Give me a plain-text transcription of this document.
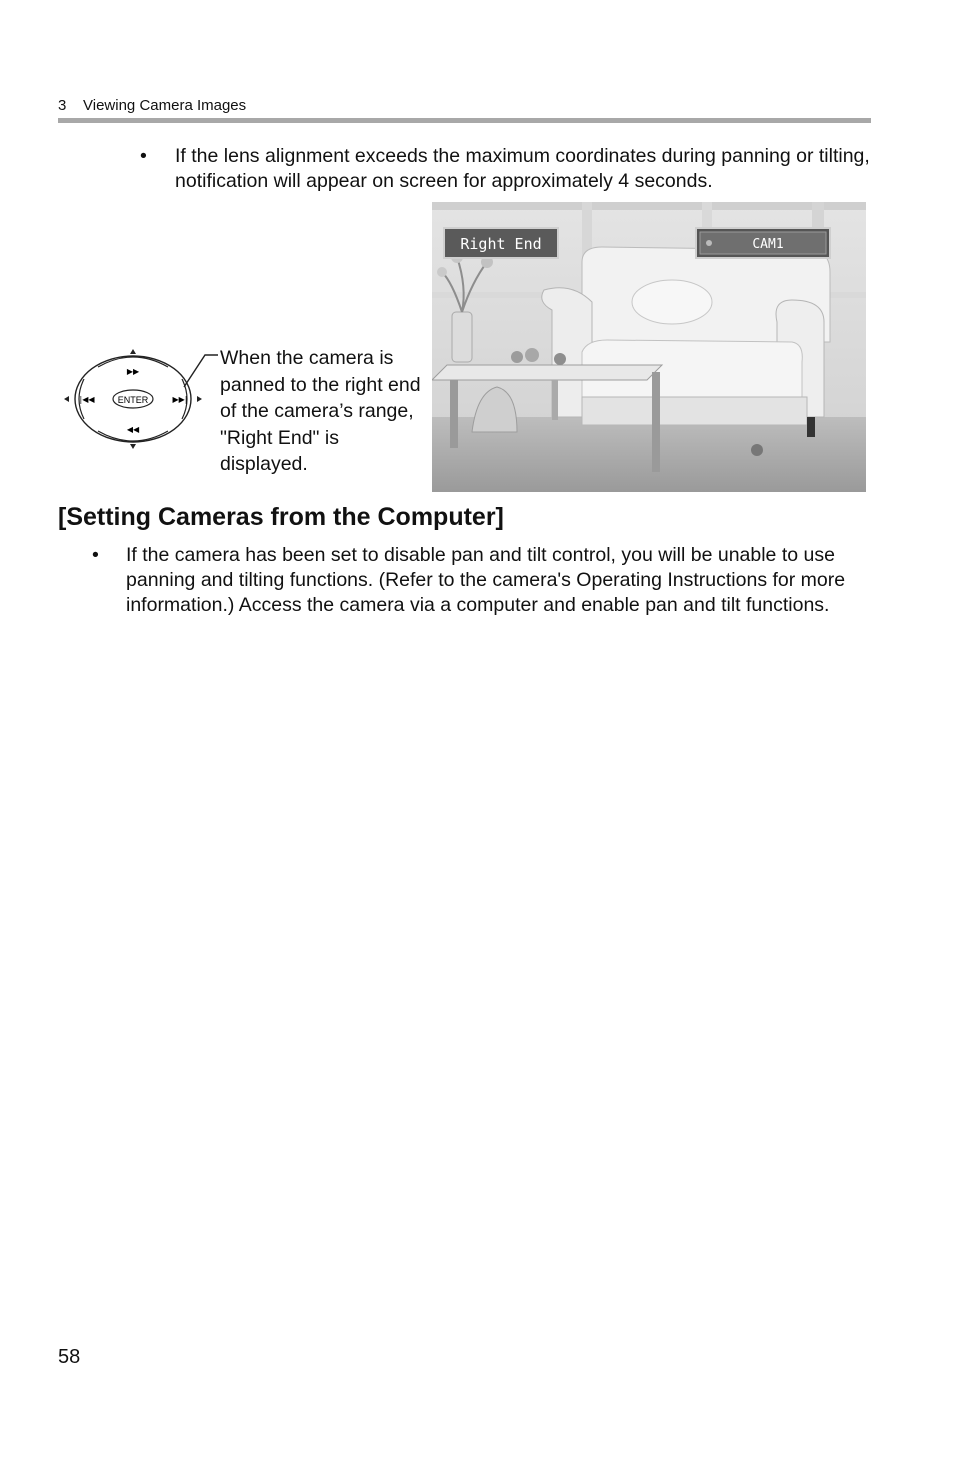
3    Viewing Camera Images
• If the lens alignment exceeds the maximum coordinates during panning or tilting, notification will appear on screen for approximately 4 seconds.
ENTER
▶▶
◀◀
|◀◀	▶▶|
When the camera is panned to the right end of the camera’s range, "Right End" is displayed.
Right End	CAM1
[Setting Cameras from the Computer]
• If the camera has been set to disable pan and tilt control, you will be unable to use panning and tilting functions. (Refer to the camera's Operating Instructions for more information.) Access the camera via a computer and enable pan and tilt functions.
58
